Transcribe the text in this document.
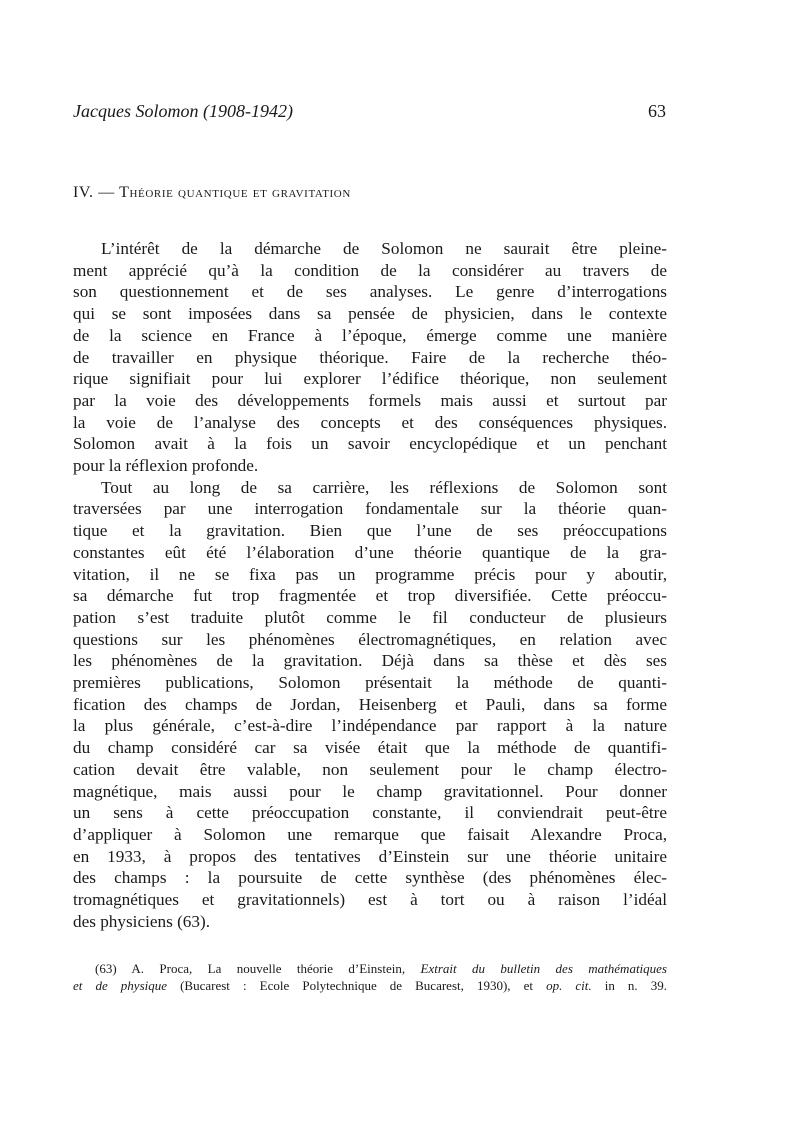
Jacques Solomon (1908-1942)	63
IV. — Théorie quantique et gravitation
L’intérêt de la démarche de Solomon ne saurait être pleine-
ment apprécié qu’à la condition de la considérer au travers de
son questionnement et de ses analyses. Le genre d’interrogations
qui se sont imposées dans sa pensée de physicien, dans le contexte
de la science en France à l’époque, émerge comme une manière
de travailler en physique théorique. Faire de la recherche théo-
rique signifiait pour lui explorer l’édifice théorique, non seulement
par la voie des développements formels mais aussi et surtout par
la voie de l’analyse des concepts et des conséquences physiques.
Solomon avait à la fois un savoir encyclopédique et un penchant
pour la réflexion profonde.
Tout au long de sa carrière, les réflexions de Solomon sont
traversées par une interrogation fondamentale sur la théorie quan-
tique et la gravitation. Bien que l’une de ses préoccupations
constantes eût été l’élaboration d’une théorie quantique de la gra-
vitation, il ne se fixa pas un programme précis pour y aboutir,
sa démarche fut trop fragmentée et trop diversifiée. Cette préoccu-
pation s’est traduite plutôt comme le fil conducteur de plusieurs
questions sur les phénomènes électromagnétiques, en relation avec
les phénomènes de la gravitation. Déjà dans sa thèse et dès ses
premières publications, Solomon présentait la méthode de quanti-
fication des champs de Jordan, Heisenberg et Pauli, dans sa forme
la plus générale, c’est-à-dire l’indépendance par rapport à la nature
du champ considéré car sa visée était que la méthode de quantifi-
cation devait être valable, non seulement pour le champ électro-
magnétique, mais aussi pour le champ gravitationnel. Pour donner
un sens à cette préoccupation constante, il conviendrait peut-être
d’appliquer à Solomon une remarque que faisait Alexandre Proca,
en 1933, à propos des tentatives d’Einstein sur une théorie unitaire
des champs : la poursuite de cette synthèse (des phénomènes élec-
tromagnétiques et gravitationnels) est à tort ou à raison l’idéal
des physiciens (63).
(63) A. Proca, La nouvelle théorie d’Einstein, Extrait du bulletin des mathématiques
et de physique (Bucarest : Ecole Polytechnique de Bucarest, 1930), et op. cit. in n. 39.
